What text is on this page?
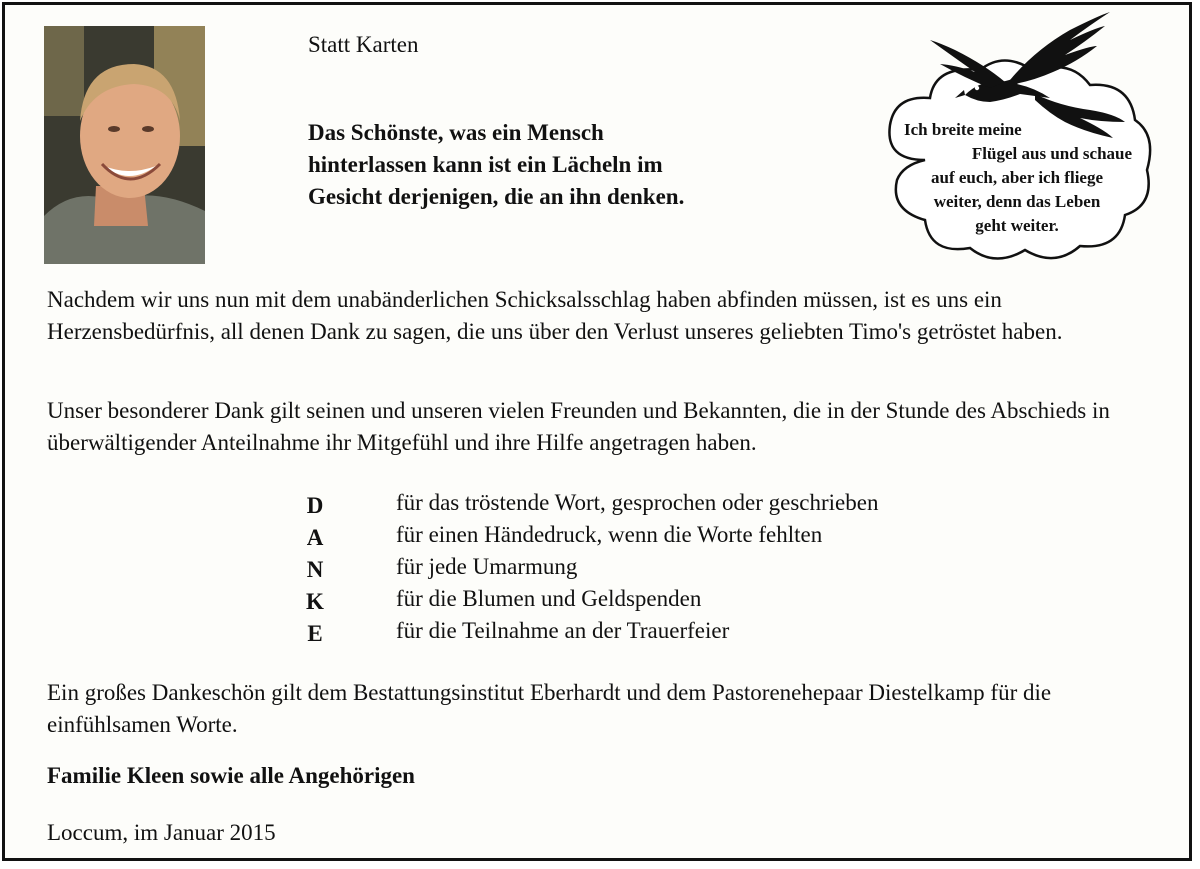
Statt Karten
Das Schönste, was ein Mensch
hinterlassen kann ist ein Lächeln im
Gesicht derjenigen, die an ihn denken.
Ich breite meine
Flügel aus und schaue
auf euch, aber ich fliege
weiter, denn das Leben
geht weiter.
Nachdem wir uns nun mit dem unabänderlichen Schicksalsschlag haben abfinden müssen, ist es uns ein Herzensbedürfnis, all denen Dank zu sagen, die uns über den Verlust unseres geliebten Timo's getröstet haben.
Unser besonderer Dank gilt seinen und unseren vielen Freunden und Bekannten, die in der Stunde des Abschieds in überwältigender Anteilnahme ihr Mitgefühl und ihre Hilfe angetragen haben.
D	für das tröstende Wort, gesprochen oder geschrieben
A	für einen Händedruck, wenn die Worte fehlten
N	für jede Umarmung
K	für die Blumen und Geldspenden
E	für die Teilnahme an der Trauerfeier
Ein großes Dankeschön gilt dem Bestattungsinstitut Eberhardt und dem Pastorenehepaar Diestelkamp für die einfühlsamen Worte.
Familie Kleen sowie alle Angehörigen
Loccum, im Januar 2015
